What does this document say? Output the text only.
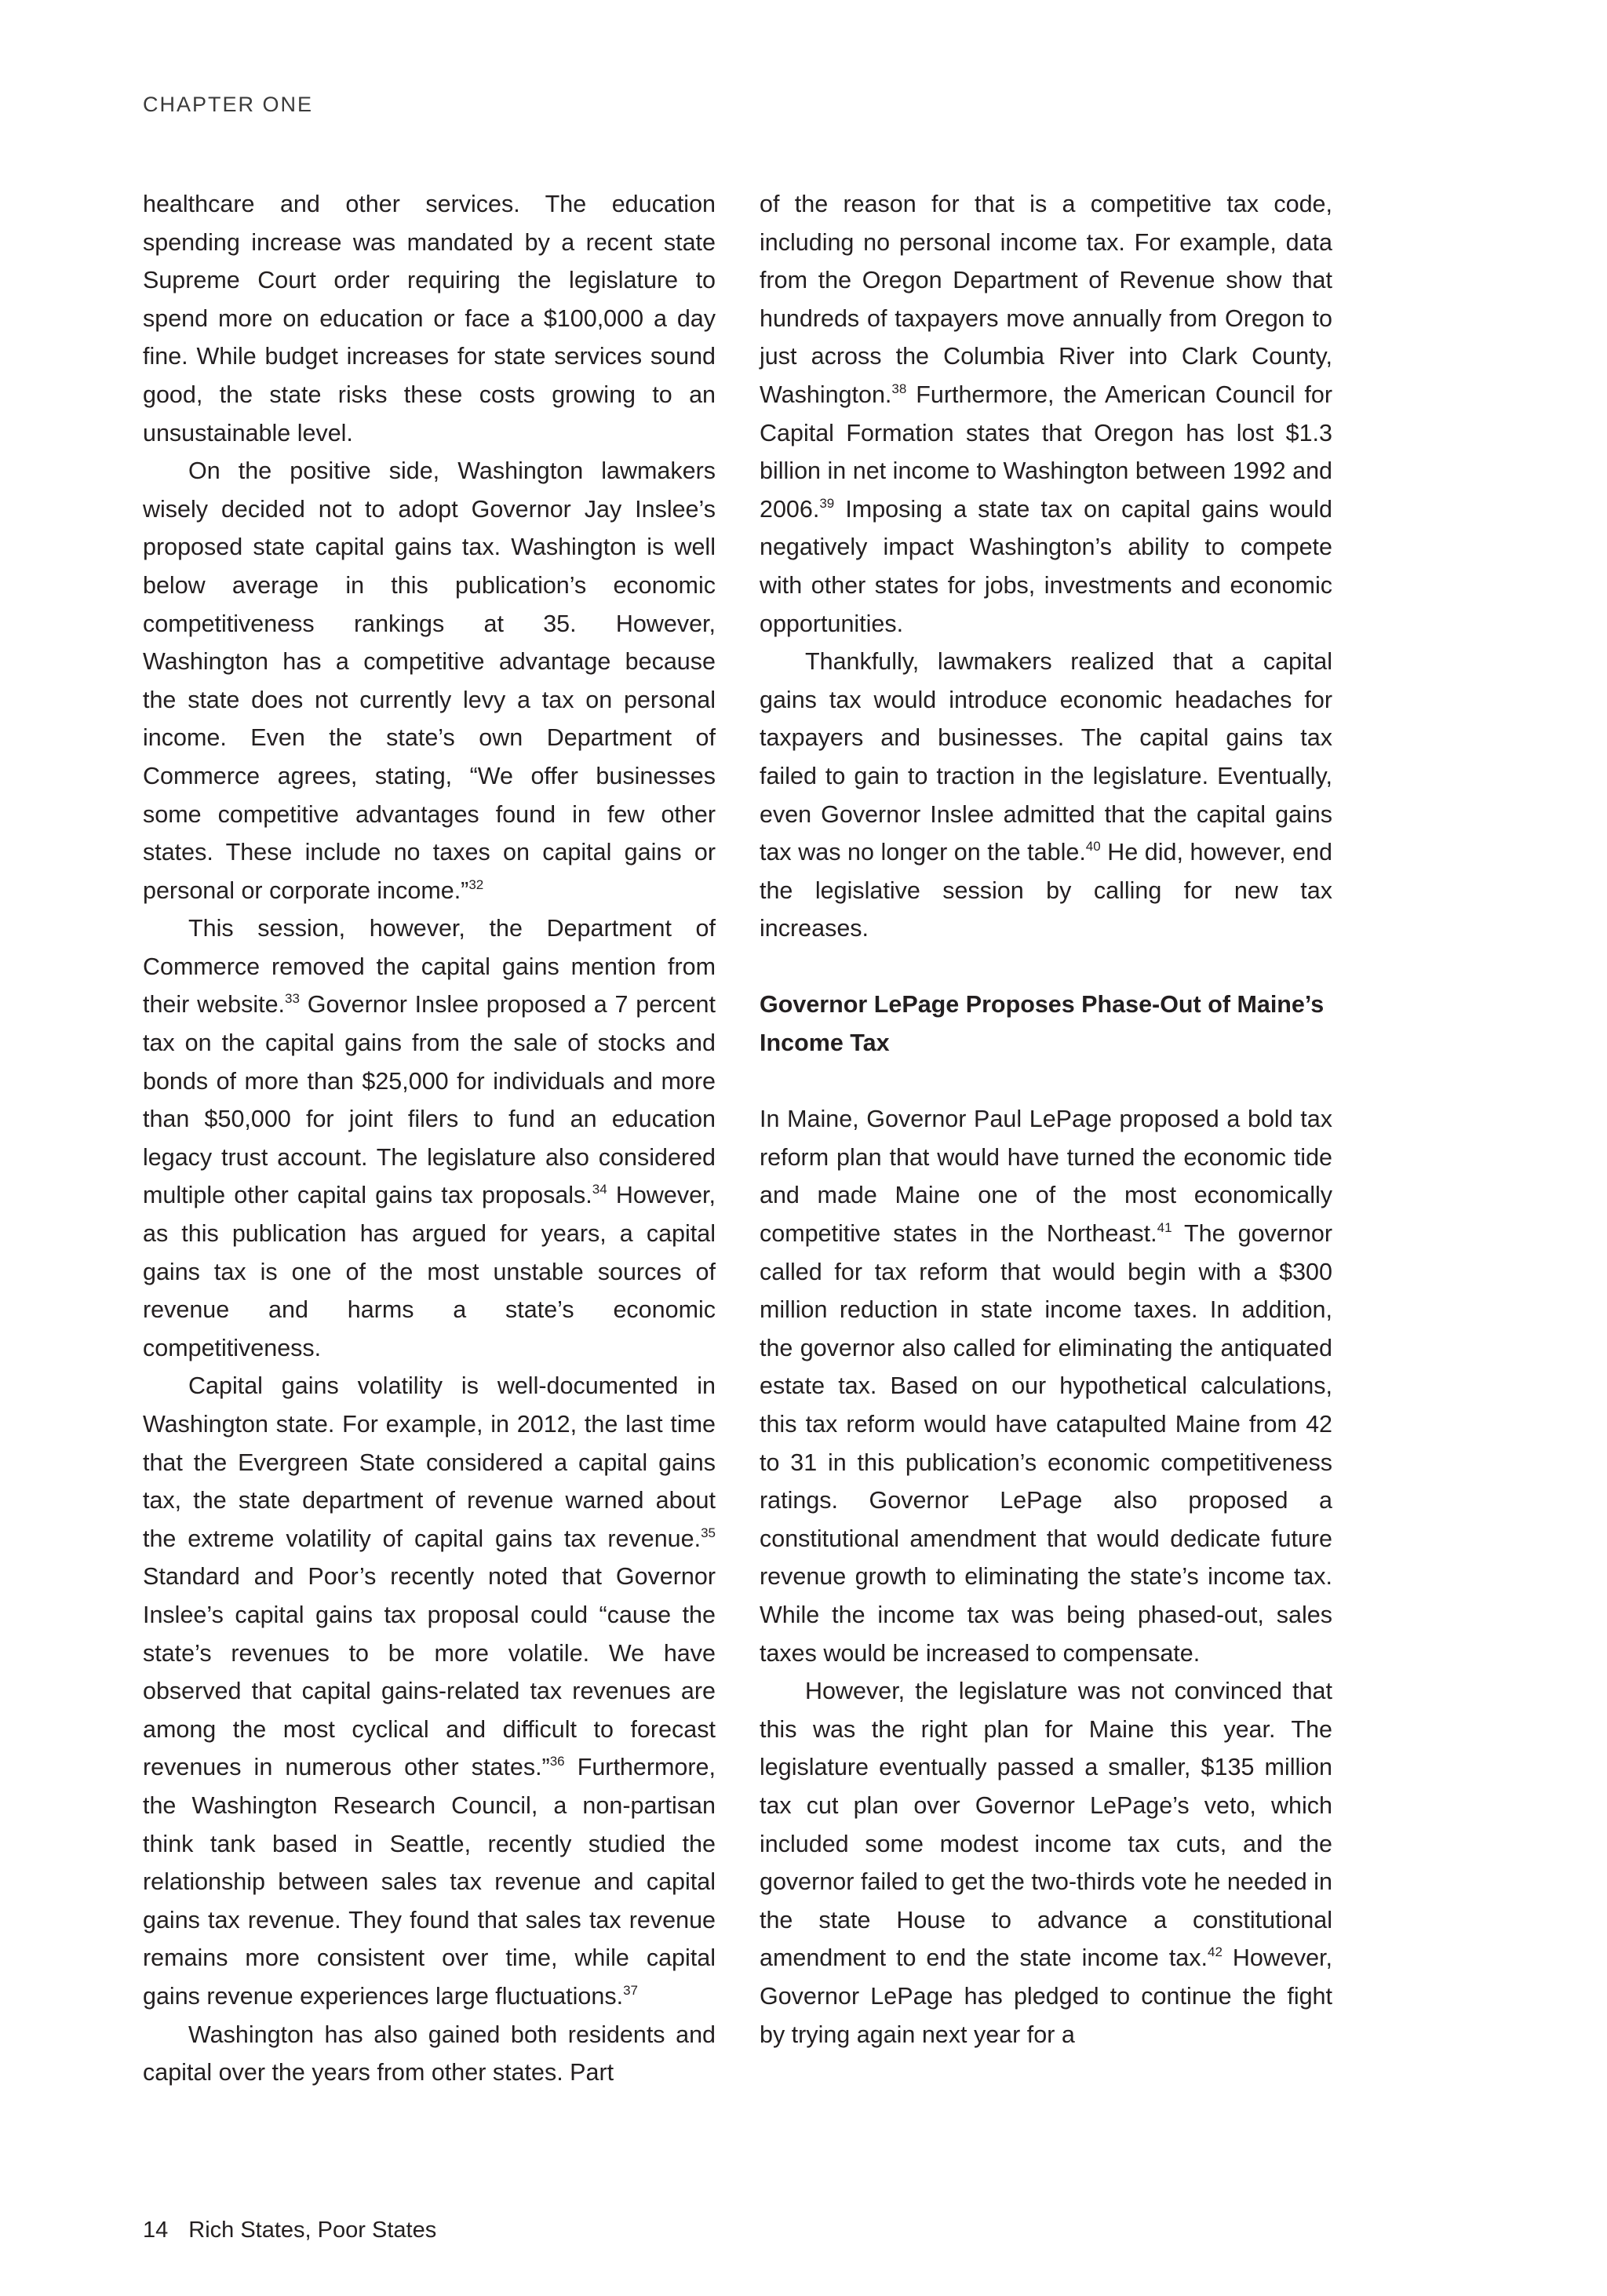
CHAPTER ONE

healthcare and other services. The education spending increase was mandated by a recent state Supreme Court order requiring the legislature to spend more on education or face a $100,000 a day fine. While budget increases for state services sound good, the state risks these costs growing to an unsustainable level.

On the positive side, Washington lawmakers wisely decided not to adopt Governor Jay Inslee’s proposed state capital gains tax. Washington is well below average in this publication’s economic competitiveness rankings at 35. However, Washington has a competitive advantage because the state does not currently levy a tax on personal income. Even the state’s own Department of Commerce agrees, stating, “We offer businesses some competitive advantages found in few other states. These include no taxes on capital gains or personal or corporate income.”$^{32}$

This session, however, the Department of Commerce removed the capital gains mention from their website.$^{33}$ Governor Inslee proposed a 7 percent tax on the capital gains from the sale of stocks and bonds of more than $25,000 for individuals and more than $50,000 for joint filers to fund an education legacy trust account. The legislature also considered multiple other capital gains tax proposals.$^{34}$ However, as this publication has argued for years, a capital gains tax is one of the most unstable sources of revenue and harms a state’s economic competitiveness.

Capital gains volatility is well-documented in Washington state. For example, in 2012, the last time that the Evergreen State considered a capital gains tax, the state department of revenue warned about the extreme volatility of capital gains tax revenue.$^{35}$ Standard and Poor’s recently noted that Governor Inslee’s capital gains tax proposal could “cause the state’s revenues to be more volatile. We have observed that capital gains-related tax revenues are among the most cyclical and difficult to forecast revenues in numerous other states.”$^{36}$ Furthermore, the Washington Research Council, a non-partisan think tank based in Seattle, recently studied the relationship between sales tax revenue and capital gains tax revenue. They found that sales tax revenue remains more consistent over time, while capital gains revenue experiences large fluctuations.$^{37}$

Washington has also gained both residents and capital over the years from other states. Part

of the reason for that is a competitive tax code, including no personal income tax. For example, data from the Oregon Department of Revenue show that hundreds of taxpayers move annually from Oregon to just across the Columbia River into Clark County, Washington.$^{38}$ Furthermore, the American Council for Capital Formation states that Oregon has lost $1.3 billion in net income to Washington between 1992 and 2006.39 Imposing a state tax on capital gains would negatively impact Washington’s ability to compete with other states for jobs, investments and economic opportunities.

Thankfully, lawmakers realized that a capital gains tax would introduce economic headaches for taxpayers and businesses. The capital gains tax failed to gain to traction in the legislature. Eventually, even Governor Inslee admitted that the capital gains tax was no longer on the table.$^{40}$ He did, however, end the legislative session by calling for new tax increases.

Governor LePage Proposes Phase-Out of Maine’s Income Tax

In Maine, Governor Paul LePage proposed a bold tax reform plan that would have turned the economic tide and made Maine one of the most economically competitive states in the Northeast.$^{41}$ The governor called for tax reform that would begin with a $300 million reduction in state income taxes. In addition, the governor also called for eliminating the antiquated estate tax. Based on our hypothetical calculations, this tax reform would have catapulted Maine from 42 to 31 in this publication’s economic competitiveness ratings. Governor LePage also proposed a constitutional amendment that would dedicate future revenue growth to eliminating the state’s income tax. While the income tax was being phased-out, sales taxes would be increased to compensate.

However, the legislature was not convinced that this was the right plan for Maine this year. The legislature eventually passed a smaller, $135 million tax cut plan over Governor LePage’s veto, which included some modest income tax cuts, and the governor failed to get the two-thirds vote he needed in the state House to advance a constitutional amendment to end the state income tax.$^{42}$ However, Governor LePage has pledged to continue the fight by trying again next year for a

14 Rich States, Poor States
